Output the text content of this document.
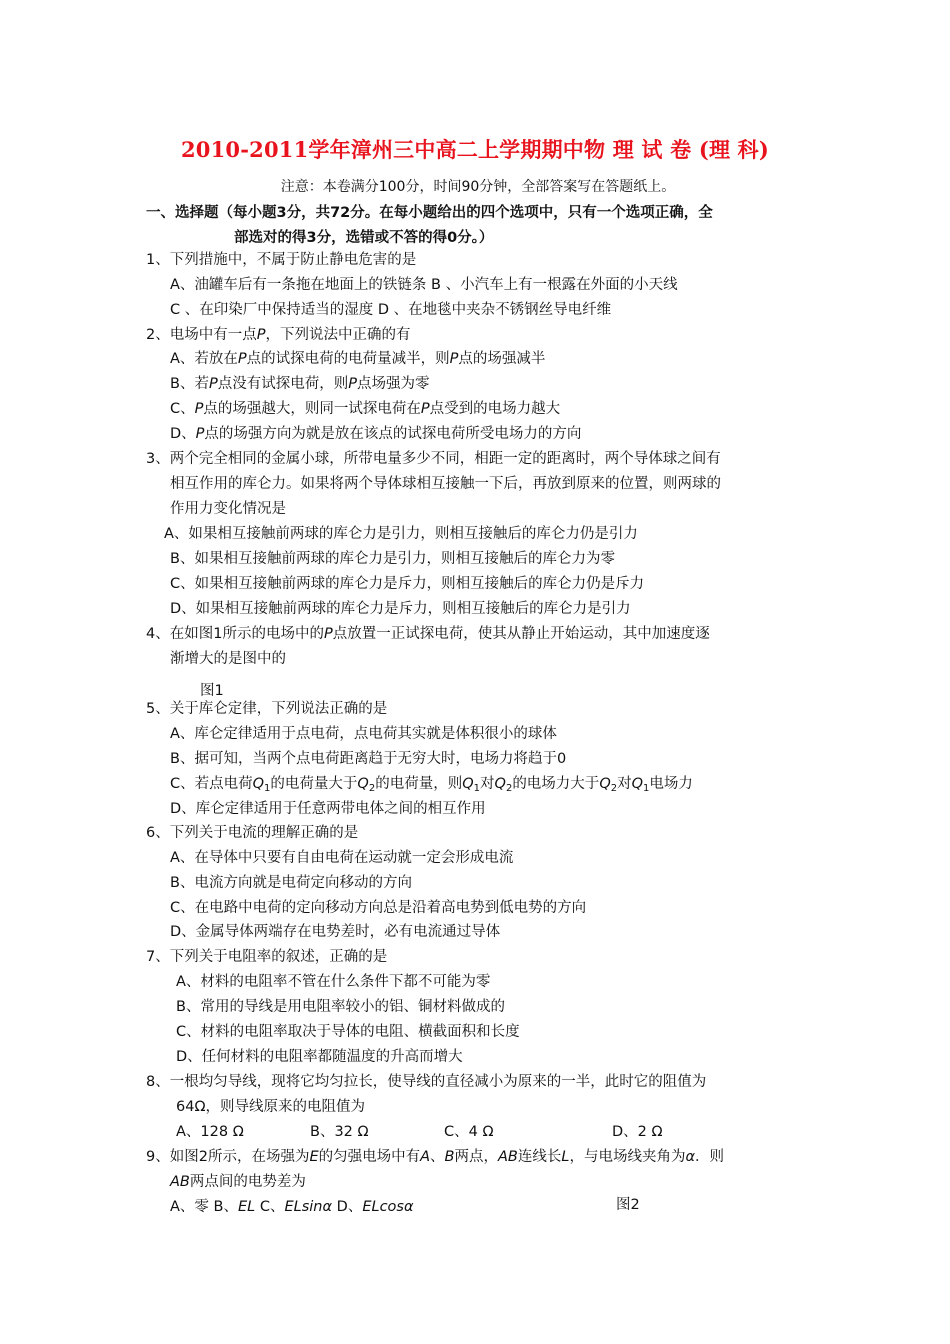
2010-2011学年漳州三中高二上学期期中物 理 试 卷 (理 科)
注意：本卷满分100分，时间90分钟，全部答案写在答题纸上。
一、选择题（每小题3分，共72分。在每小题给出的四个选项中，只有一个选项正确，全
部选对的得3分，选错或不答的得0分。）
1、下列措施中，不属于防止静电危害的是
A、油罐车后有一条拖在地面上的铁链条 B 、小汽车上有一根露在外面的小天线
C 、在印染厂中保持适当的湿度 D 、在地毯中夹杂不锈钢丝导电纤维
2、电场中有一点P，下列说法中正确的有
A、若放在P点的试探电荷的电荷量减半，则P点的场强减半
B、若P点没有试探电荷，则P点场强为零
C、P点的场强越大，则同一试探电荷在P点受到的电场力越大
D、P点的场强方向为就是放在该点的试探电荷所受电场力的方向
3、两个完全相同的金属小球，所带电量多少不同，相距一定的距离时，两个导体球之间有
相互作用的库仑力。如果将两个导体球相互接触一下后，再放到原来的位置，则两球的
作用力变化情况是
A、如果相互接触前两球的库仑力是引力，则相互接触后的库仑力仍是引力
B、如果相互接触前两球的库仑力是引力，则相互接触后的库仑力为零
C、如果相互接触前两球的库仑力是斥力，则相互接触后的库仑力仍是斥力
D、如果相互接触前两球的库仑力是斥力，则相互接触后的库仑力是引力
4、在如图1所示的电场中的P点放置一正试探电荷，使其从静止开始运动，其中加速度逐
渐增大的是图中的
图1
5、关于库仑定律，下列说法正确的是
A、库仑定律适用于点电荷，点电荷其实就是体积很小的球体
B、据可知，当两个点电荷距离趋于无穷大时，电场力将趋于0
C、若点电荷$Q_1$的电荷量大于$Q_2$的电荷量，则$Q_1$对$Q_2$的电场力大于$Q_2$对$Q_1$电场力
D、库仑定律适用于任意两带电体之间的相互作用
6、下列关于电流的理解正确的是
A、在导体中只要有自由电荷在运动就一定会形成电流
B、电流方向就是电荷定向移动的方向
C、在电路中电荷的定向移动方向总是沿着高电势到低电势的方向
D、金属导体两端存在电势差时，必有电流通过导体
7、下列关于电阻率的叙述，正确的是
A、材料的电阻率不管在什么条件下都不可能为零
B、常用的导线是用电阻率较小的铝、铜材料做成的
C、材料的电阻率取决于导体的电阻、横截面积和长度
D、任何材料的电阻率都随温度的升高而增大
8、一根均匀导线，现将它均匀拉长，使导线的直径减小为原来的一半，此时它的阻值为
64Ω，则导线原来的电阻值为
A、128 Ω	B、32 Ω	C、4 Ω	D、2 Ω
9、如图2所示，在场强为E的匀强电场中有A、B两点，AB连线长L，与电场线夹角为α．则
AB两点间的电势差为
A、零 B、EL C、ELsinα D、ELcosα	图2
